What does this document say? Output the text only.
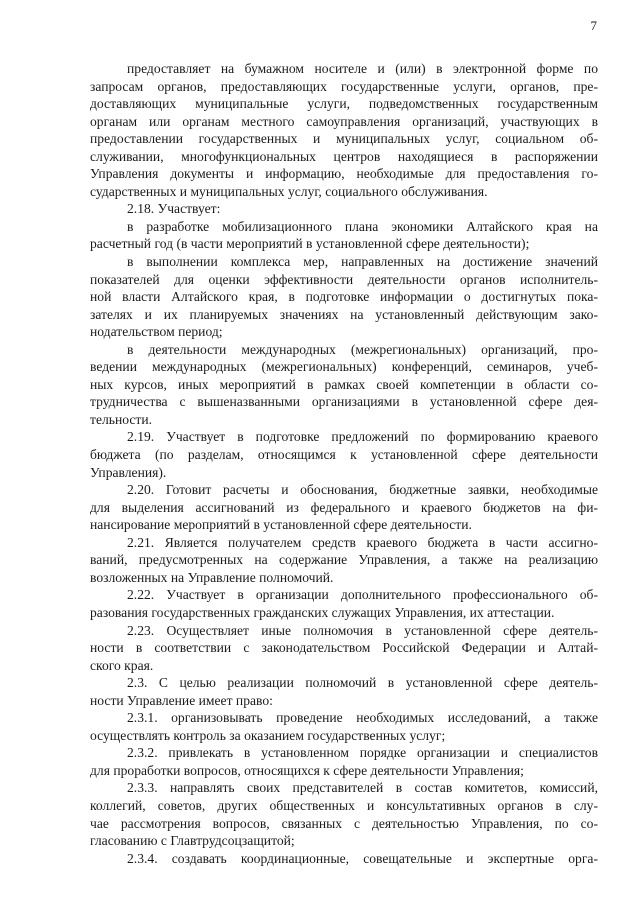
7
предоставляет на бумажном носителе и (или) в электронной форме по
запросам органов, предоставляющих государственные услуги, органов, пре-
доставляющих муниципальные услуги, подведомственных государственным
органам или органам местного самоуправления организаций, участвующих в
предоставлении государственных и муниципальных услуг, социальном об-
служивании, многофункциональных центров находящиеся в распоряжении
Управления документы и информацию, необходимые для предоставления го-
сударственных и муниципальных услуг, социального обслуживания.
2.18. Участвует:
в разработке мобилизационного плана экономики Алтайского края на
расчетный год (в части мероприятий в установленной сфере деятельности);
в выполнении комплекса мер, направленных на достижение значений
показателей для оценки эффективности деятельности органов исполнитель-
ной власти Алтайского края, в подготовке информации о достигнутых пока-
зателях и их планируемых значениях на установленный действующим зако-
нодательством период;
в деятельности международных (межрегиональных) организаций, про-
ведении международных (межрегиональных) конференций, семинаров, учеб-
ных курсов, иных мероприятий в рамках своей компетенции в области со-
трудничества с вышеназванными организациями в установленной сфере дея-
тельности.
2.19. Участвует в подготовке предложений по формированию краевого
бюджета (по разделам, относящимся к установленной сфере деятельности
Управления).
2.20. Готовит расчеты и обоснования, бюджетные заявки, необходимые
для выделения ассигнований из федерального и краевого бюджетов на фи-
нансирование мероприятий в установленной сфере деятельности.
2.21. Является получателем средств краевого бюджета в части ассигно-
ваний, предусмотренных на содержание Управления, а также на реализацию
возложенных на Управление полномочий.
2.22. Участвует в организации дополнительного профессионального об-
разования государственных гражданских служащих Управления, их аттестации.
2.23. Осуществляет иные полномочия в установленной сфере деятель-
ности в соответствии с законодательством Российской Федерации и Алтай-
ского края.
2.3. С целью реализации полномочий в установленной сфере деятель-
ности Управление имеет право:
2.3.1. организовывать проведение необходимых исследований, а также
осуществлять контроль за оказанием государственных услуг;
2.3.2. привлекать в установленном порядке организации и специалистов
для проработки вопросов, относящихся к сфере деятельности Управления;
2.3.3. направлять своих представителей в состав комитетов, комиссий,
коллегий, советов, других общественных и консультативных органов в слу-
чае рассмотрения вопросов, связанных с деятельностью Управления, по со-
гласованию с Главтрудсоцзащитой;
2.3.4. создавать координационные, совещательные и экспертные орга-
